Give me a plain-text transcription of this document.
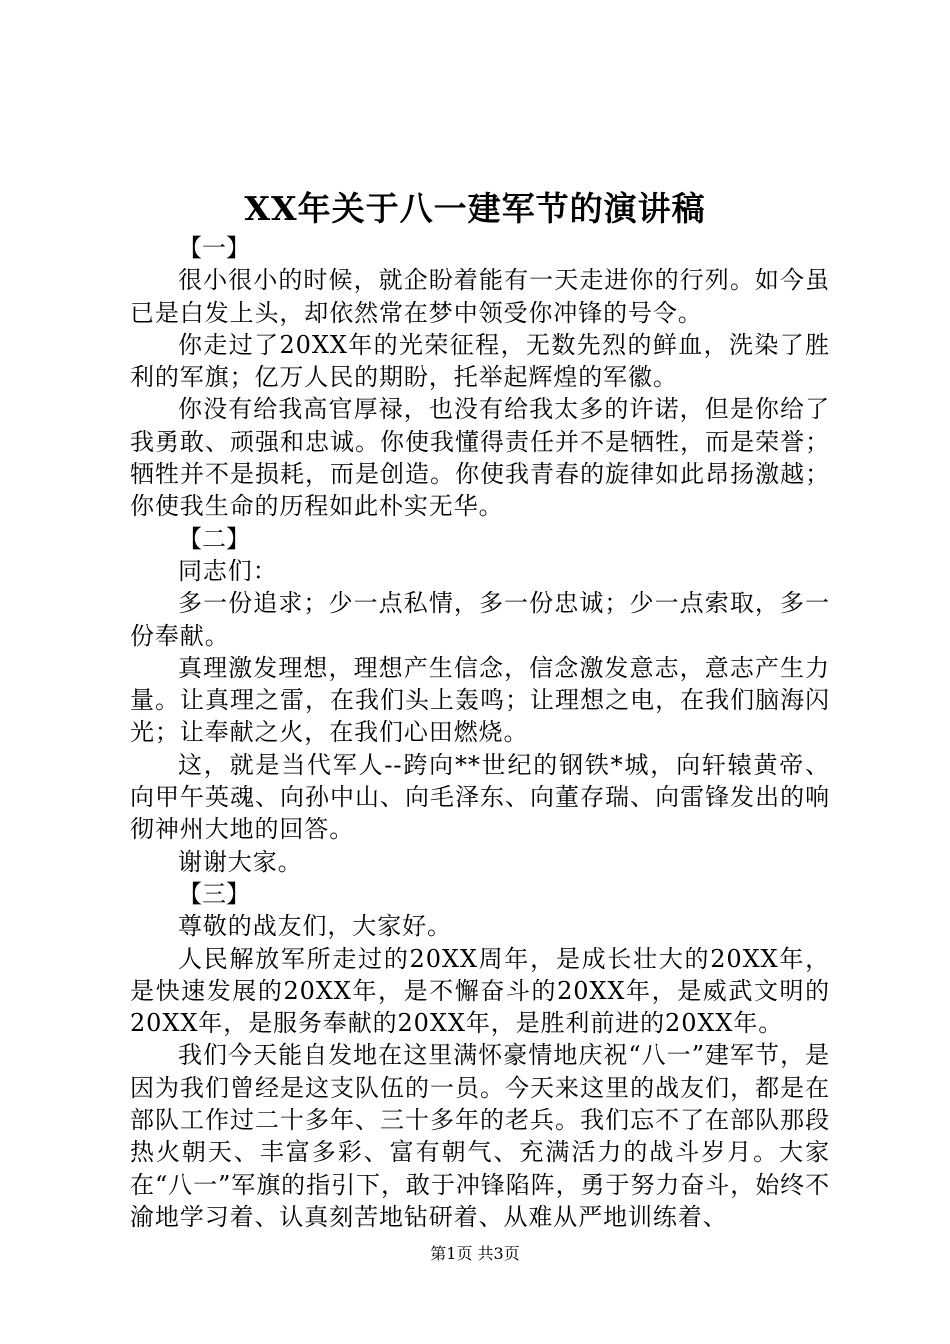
XX年关于八一建军节的演讲稿

【一】

很小很小的时候，就企盼着能有一天走进你的行列。如今虽已是白发上头，却依然常在梦中领受你冲锋的号令。

你走过了20XX年的光荣征程，无数先烈的鲜血，洗染了胜利的军旗；亿万人民的期盼，托举起辉煌的军徽。

你没有给我高官厚禄，也没有给我太多的许诺，但是你给了我勇敢、顽强和忠诚。你使我懂得责任并不是牺牲，而是荣誉；牺牲并不是损耗，而是创造。你使我青春的旋律如此昂扬激越；你使我生命的历程如此朴实无华。

【二】

同志们：

多一份追求；少一点私情，多一份忠诚；少一点索取，多一份奉献。

真理激发理想，理想产生信念，信念激发意志，意志产生力量。让真理之雷，在我们头上轰鸣；让理想之电，在我们脑海闪光；让奉献之火，在我们心田燃烧。

这，就是当代军人--跨向**世纪的钢铁*城，向轩辕黄帝、向甲午英魂、向孙中山、向毛泽东、向董存瑞、向雷锋发出的响彻神州大地的回答。

谢谢大家。

【三】

尊敬的战友们，大家好。

人民解放军所走过的20XX周年，是成长壮大的20XX年，是快速发展的20XX年，是不懈奋斗的20XX年，是威武文明的20XX年，是服务奉献的20XX年，是胜利前进的20XX年。

我们今天能自发地在这里满怀豪情地庆祝“八一”建军节，是因为我们曾经是这支队伍的一员。今天来这里的战友们，都是在部队工作过二十多年、三十多年的老兵。我们忘不了在部队那段热火朝天、丰富多彩、富有朝气、充满活力的战斗岁月。大家在“八一”军旗的指引下，敢于冲锋陷阵，勇于努力奋斗，始终不渝地学习着、认真刻苦地钻研着、从难从严地训练着、

第1页 共3页
